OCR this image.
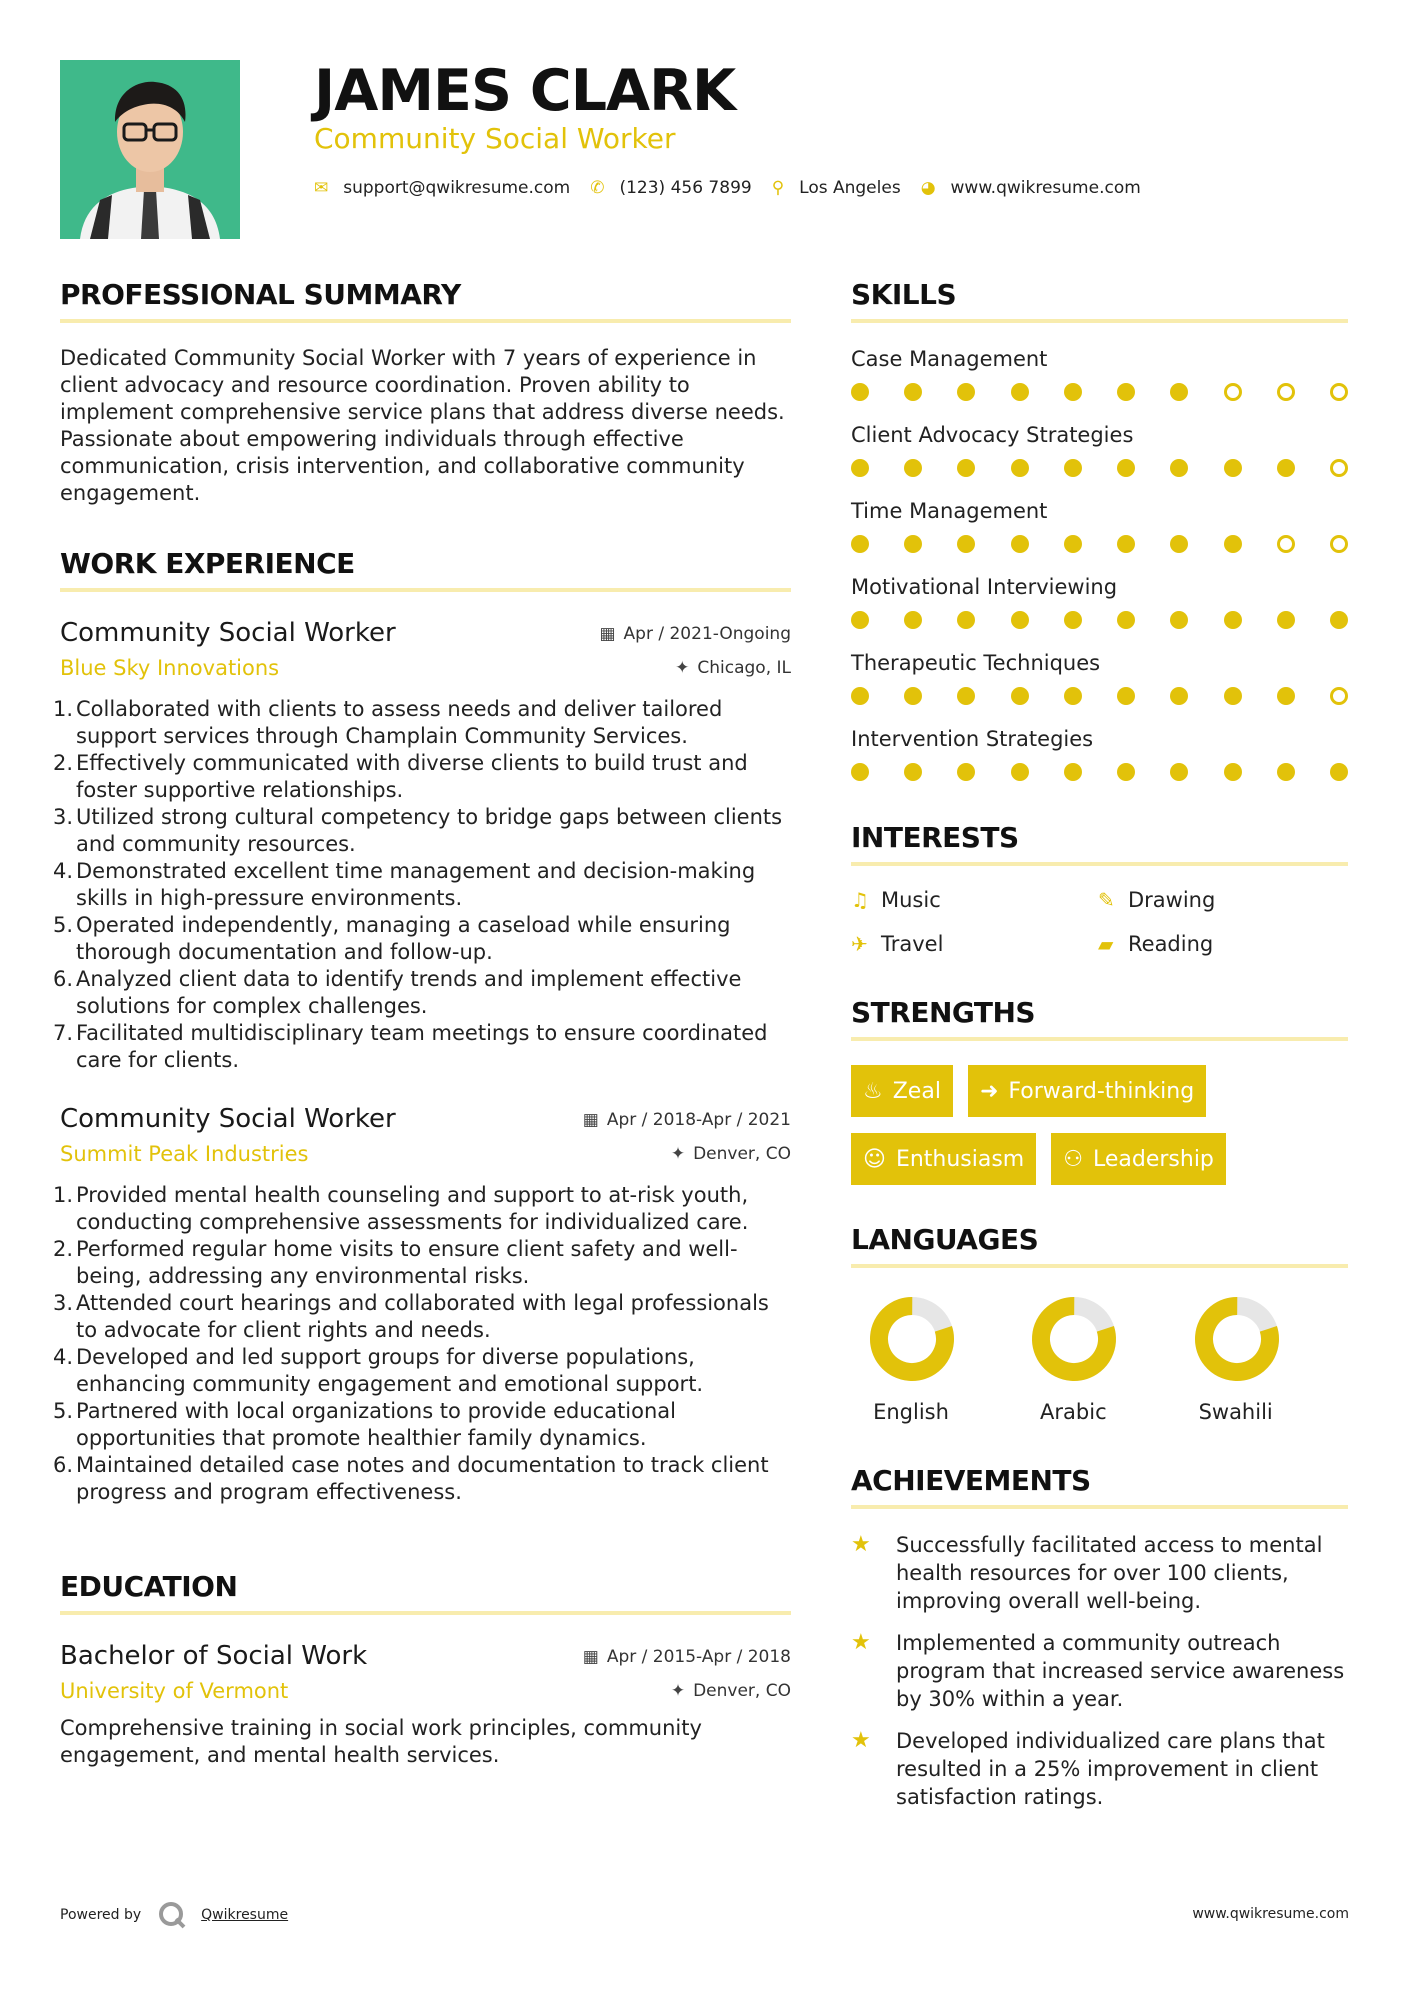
JAMES CLARK
Community Social Worker
✉ support@qwikresume.com ✆ (123) 456 7899 ⚲ Los Angeles ◕ www.qwikresume.com
PROFESSIONAL SUMMARY
Dedicated Community Social Worker with 7 years of experience in client advocacy and resource coordination. Proven ability to implement comprehensive service plans that address diverse needs. Passionate about empowering individuals through effective communication, crisis intervention, and collaborative community engagement.
WORK EXPERIENCE
Community Social Worker	▦ Apr / 2021-Ongoing
Blue Sky Innovations	✦ Chicago, IL
1. Collaborated with clients to assess needs and deliver tailored support services through Champlain Community Services.
2. Effectively communicated with diverse clients to build trust and foster supportive relationships.
3. Utilized strong cultural competency to bridge gaps between clients and community resources.
4. Demonstrated excellent time management and decision-making skills in high-pressure environments.
5. Operated independently, managing a caseload while ensuring thorough documentation and follow-up.
6. Analyzed client data to identify trends and implement effective solutions for complex challenges.
7. Facilitated multidisciplinary team meetings to ensure coordinated care for clients.
Community Social Worker	▦ Apr / 2018-Apr / 2021
Summit Peak Industries	✦ Denver, CO
1. Provided mental health counseling and support to at-risk youth, conducting comprehensive assessments for individualized care.
2. Performed regular home visits to ensure client safety and well-being, addressing any environmental risks.
3. Attended court hearings and collaborated with legal professionals to advocate for client rights and needs.
4. Developed and led support groups for diverse populations, enhancing community engagement and emotional support.
5. Partnered with local organizations to provide educational opportunities that promote healthier family dynamics.
6. Maintained detailed case notes and documentation to track client progress and program effectiveness.
EDUCATION
Bachelor of Social Work	▦ Apr / 2015-Apr / 2018
University of Vermont	✦ Denver, CO
Comprehensive training in social work principles, community engagement, and mental health services.
SKILLS
Case Management
Client Advocacy Strategies
Time Management
Motivational Interviewing
Therapeutic Techniques
Intervention Strategies
INTERESTS
♫ Music	✎ Drawing
✈ Travel	▰ Reading
STRENGTHS
♨ Zeal ➜ Forward-thinking
☺ Enthusiasm ⚇ Leadership
LANGUAGES
English	Arabic	Swahili
ACHIEVEMENTS
★	Successfully facilitated access to mental health resources for over 100 clients, improving overall well-being.
★	Implemented a community outreach program that increased service awareness by 30% within a year.
★	Developed individualized care plans that resulted in a 25% improvement in client satisfaction ratings.
Powered by	Qwikresume	www.qwikresume.com
